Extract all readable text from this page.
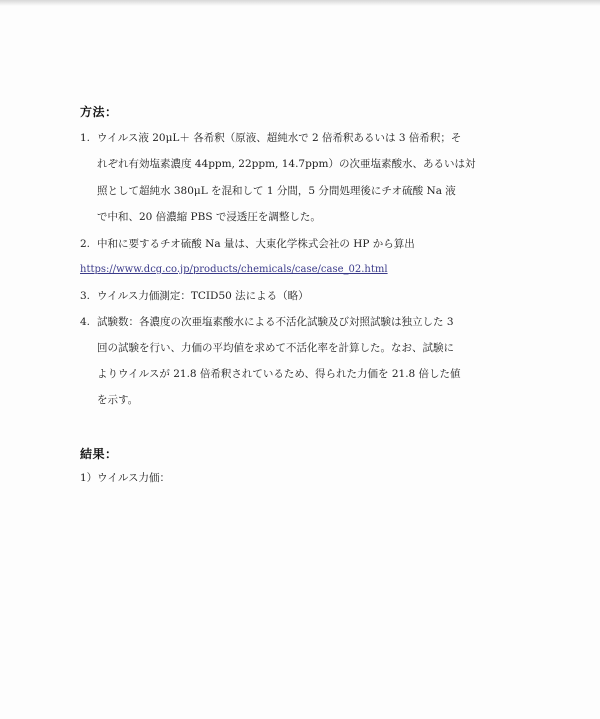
方法：
1. ウイルス液 20μL＋ 各希釈（原液、超純水で 2 倍希釈あるいは 3 倍希釈；そ
れぞれ有効塩素濃度 44ppm, 22ppm, 14.7ppm）の次亜塩素酸水、あるいは対
照として超純水 380μL を混和して 1 分間，5 分間処理後にチオ硫酸 Na 液
で中和、20 倍濃縮 PBS で浸透圧を調整した。
2. 中和に要するチオ硫酸 Na 量は、大東化学株式会社の HP から算出
https://www.dcg.co.jp/products/chemicals/case/case_02.html
3. ウイルス力価測定：TCID50 法による（略）
4. 試験数：各濃度の次亜塩素酸水による不活化試験及び対照試験は独立した 3
回の試験を行い、力価の平均値を求めて不活化率を計算した。なお、試験に
よりウイルスが 21.8 倍希釈されているため、得られた力価を 21.8 倍した値
を示す。
結果：
1）ウイルス力価：
